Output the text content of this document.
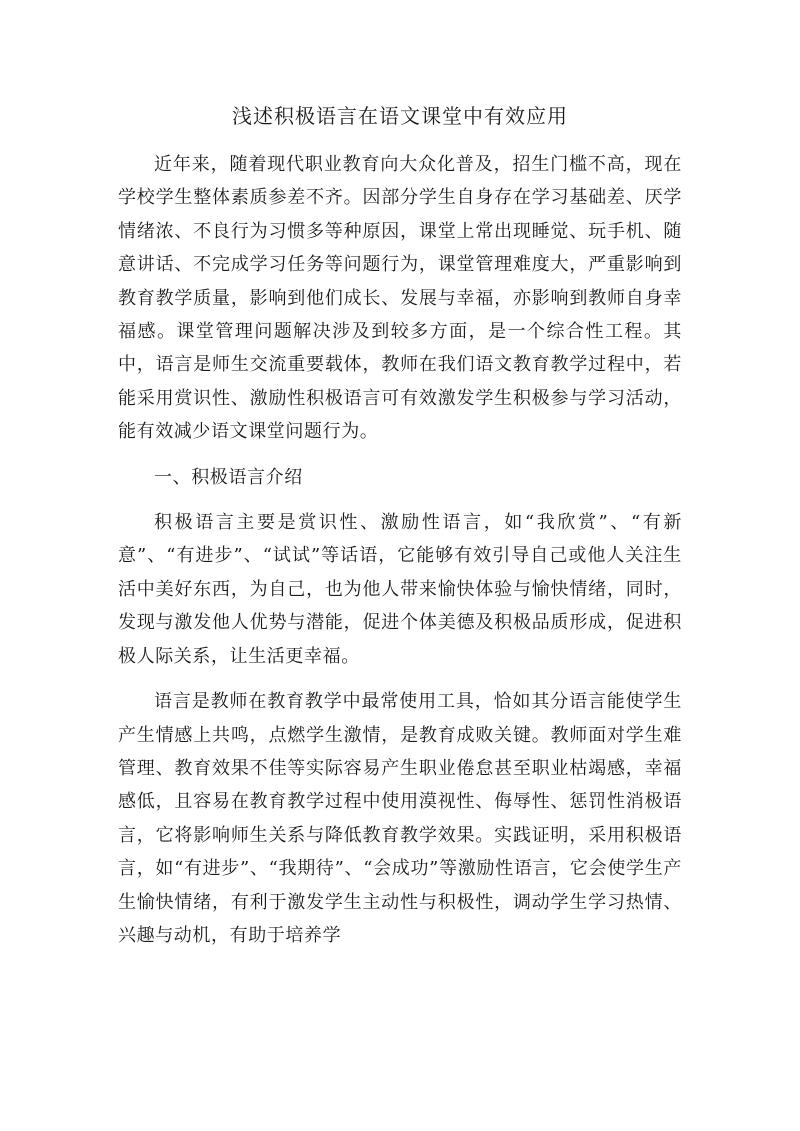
浅述积极语言在语文课堂中有效应用

近年来，随着现代职业教育向大众化普及，招生门槛不高，现在学校学生整体素质参差不齐。因部分学生自身存在学习基础差、厌学情绪浓、不良行为习惯多等种原因，课堂上常出现睡觉、玩手机、随意讲话、不完成学习任务等问题行为，课堂管理难度大，严重影响到教育教学质量，影响到他们成长、发展与幸福，亦影响到教师自身幸福感。课堂管理问题解决涉及到较多方面，是一个综合性工程。其中，语言是师生交流重要载体，教师在我们语文教育教学过程中，若能采用赏识性、激励性积极语言可有效激发学生积极参与学习活动，能有效减少语文课堂问题行为。

一、积极语言介绍

积极语言主要是赏识性、激励性语言，如“我欣赏”、“有新意”、“有进步”、“试试”等话语，它能够有效引导自己或他人关注生活中美好东西，为自己，也为他人带来愉快体验与愉快情绪，同时，发现与激发他人优势与潜能，促进个体美德及积极品质形成，促进积极人际关系，让生活更幸福。

语言是教师在教育教学中最常使用工具，恰如其分语言能使学生产生情感上共鸣，点燃学生激情，是教育成败关键。教师面对学生难管理、教育效果不佳等实际容易产生职业倦怠甚至职业枯竭感，幸福感低，且容易在教育教学过程中使用漠视性、侮辱性、惩罚性消极语言，它将影响师生关系与降低教育教学效果。实践证明，采用积极语言，如“有进步”、“我期待”、“会成功”等激励性语言，它会使学生产生愉快情绪，有利于激发学生主动性与积极性，调动学生学习热情、兴趣与动机，有助于培养学
